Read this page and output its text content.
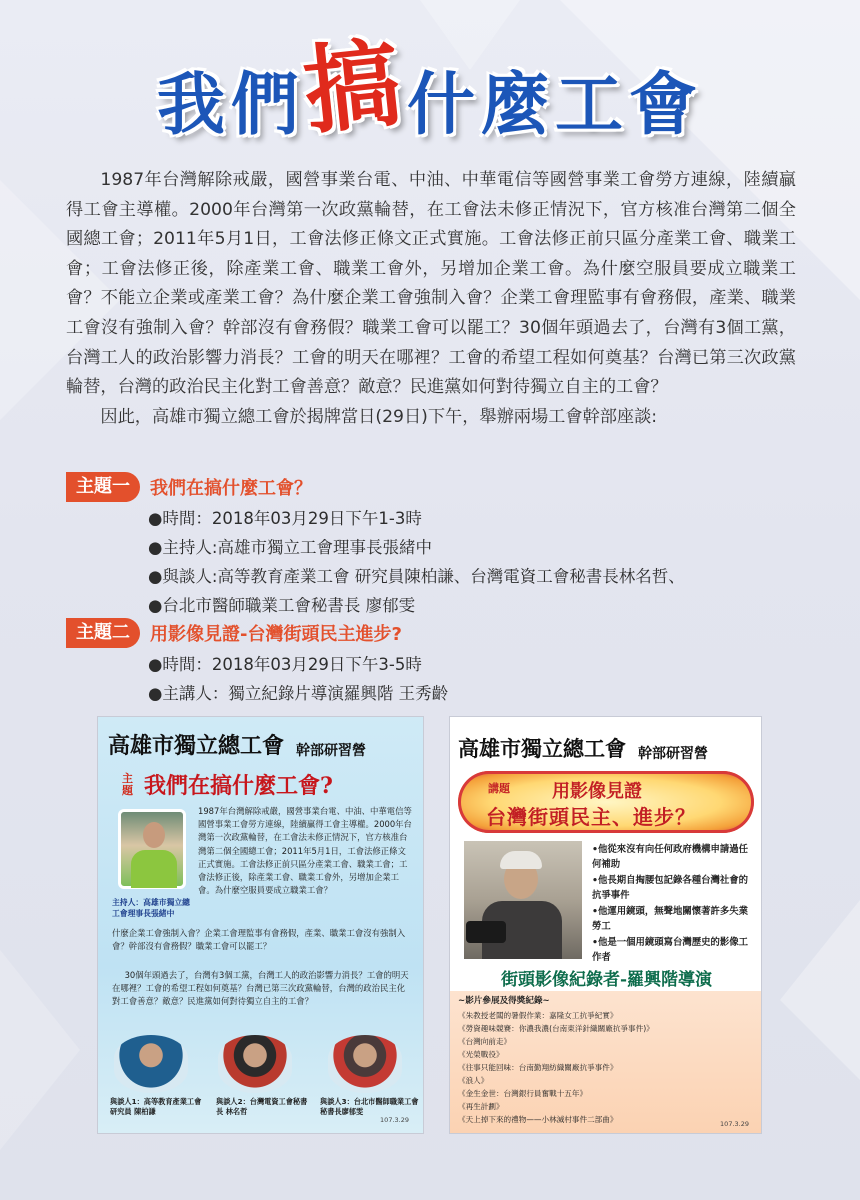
我們搞什麼工會

1987年台灣解除戒嚴，國營事業台電、中油、中華電信等國營事業工會勞方連線，陸續贏得工會主導權。2000年台灣第一次政黨輪替，在工會法未修正情況下，官方核准台灣第二個全國總工會；2011年5月1日，工會法修正條文正式實施。工會法修正前只區分產業工會、職業工會；工會法修正後，除產業工會、職業工會外，另增加企業工會。為什麼空服員要成立職業工會？不能立企業或產業工會？為什麼企業工會強制入會？企業工會理監事有會務假，產業、職業工會沒有強制入會？幹部沒有會務假？職業工會可以罷工？30個年頭過去了，台灣有3個工黨，台灣工人的政治影響力消長？工會的明天在哪裡？工會的希望工程如何奠基？台灣已第三次政黨輪替，台灣的政治民主化對工會善意？敵意？民進黨如何對待獨立自主的工會？

因此，高雄市獨立總工會於揭牌當日(29日)下午，舉辦兩場工會幹部座談:

主題一	我們在搞什麼工會？
●時間：2018年03月29日下午1-3時
●主持人:高雄市獨立工會理事長張緒中
●與談人:高等教育產業工會 研究員陳柏謙、台灣電資工會秘書長林名哲、
●台北市醫師職業工會秘書長 廖郁雯
主題二	用影像見證-台灣街頭民主進步?
●時間：2018年03月29日下午3-5時
●主講人：獨立紀錄片導演羅興階 王秀齡
高雄市獨立總工會 幹部研習營
主題 我們在搞什麼工會?
1987年台灣解除戒嚴，國營事業台電、中油、中華電信等國營事業工會勞方連線，陸續贏得工會主導權。2000年台灣第一次政黨輪替，在工會法未修正情況下，官方核准台灣第二個全國總工會；2011年5月1日，工會法修正條文正式實施。工會法修正前只區分產業工會、職業工會；工會法修正後，除產業工會、職業工會外，另增加企業工會。為什麼空服員要成立職業工會？
主持人：高雄市獨立總工會理事長張緒中
什麼企業工會強制入會？企業工會理監事有會務假，產業、職業工會沒有強制入會？幹部沒有會務假？職業工會可以罷工？
30個年頭過去了，台灣有3個工黨，台灣工人的政治影響力消長？工會的明天在哪裡？工會的希望工程如何奠基？台灣已第三次政黨輪替，台灣的政治民主化對工會善意？敵意？民進黨如何對待獨立自主的工會？
與談人1：高等教育產業工會研究員 陳柏謙
與談人2：台灣電資工會秘書長 林名哲
與談人3：台北市醫師職業工會秘書長廖郁雯
107.3.29
高雄市獨立總工會 幹部研習營
講題 用影像見證
台灣街頭民主、進步？
•他從來沒有向任何政府機構申請過任何補助
•他長期自掏腰包記錄各種台灣社會的抗爭事件
•他運用鏡頭，無聲地關懷著許多失業勞工
•他是一個用鏡頭寫台灣歷史的影像工作者
街頭影像紀錄者-羅興階導演
~影片參展及得獎紀錄~
《朱教授老闆的暑假作業：嘉隆女工抗爭紀實》
《勞資趣味競賽：你濃我濃(台南東洋針織關廠抗爭事件)》
《台灣向前走》
《光榮戰役》
《往事只能回味：台南勤翔紡織關廠抗爭事件》
《浪人》
《金生金世：台灣銀行員奮戰十五年》
《再生計劃》
《天上掉下來的禮物——小林滅村事件二部曲》	107.3.29
